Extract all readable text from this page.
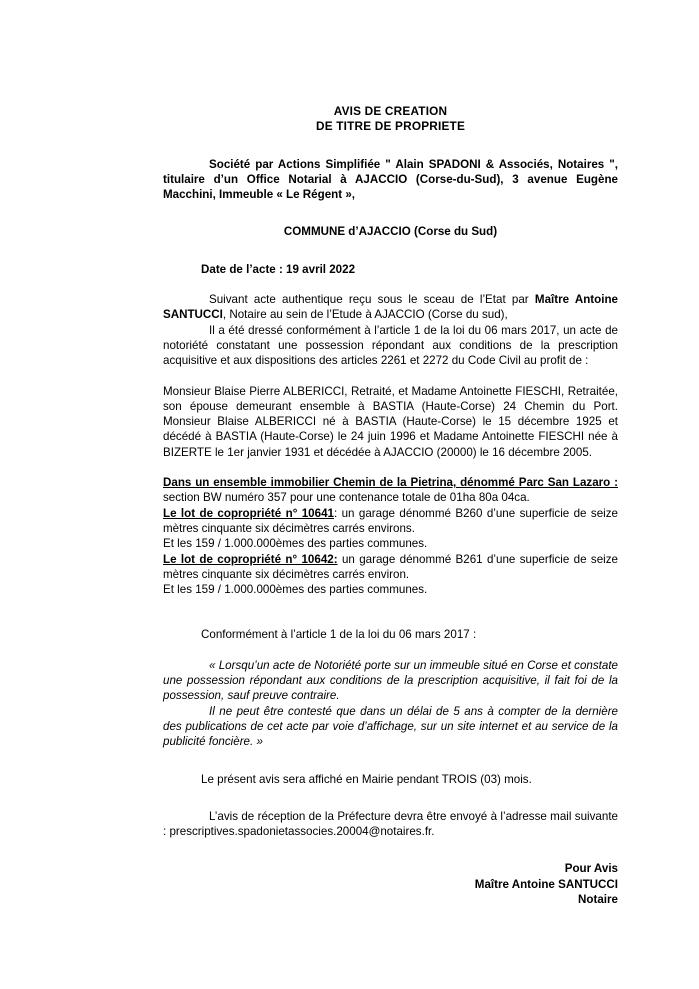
AVIS DE CREATION
DE TITRE DE PROPRIETE

Société par Actions Simplifiée " Alain SPADONI & Associés, Notaires ", titulaire d’un Office Notarial à AJACCIO (Corse-du-Sud), 3 avenue Eugène Macchini, Immeuble « Le Régent »,

COMMUNE d’AJACCIO (Corse du Sud)

Date de l’acte : 19 avril 2022

Suivant acte authentique reçu sous le sceau de l’Etat par Maître Antoine SANTUCCI, Notaire au sein de l’Etude à AJACCIO (Corse du sud),

Il a été dressé conformément à l’article 1 de la loi du 06 mars 2017, un acte de notoriété constatant une possession répondant aux conditions de la prescription acquisitive et aux dispositions des articles 2261 et 2272 du Code Civil au profit de :

Monsieur Blaise Pierre ALBERICCI, Retraité, et Madame Antoinette FIESCHI, Retraitée, son épouse demeurant ensemble à BASTIA (Haute-Corse) 24 Chemin du Port. Monsieur Blaise ALBERICCI né à BASTIA (Haute-Corse) le 15 décembre 1925 et décédé à BASTIA (Haute-Corse) le 24 juin 1996 et Madame Antoinette FIESCHI née à BIZERTE le 1er janvier 1931 et décédée à AJACCIO (20000) le 16 décembre 2005.

Dans un ensemble immobilier Chemin de la Pietrina, dénommé Parc San Lazaro : section BW numéro 357 pour une contenance totale de 01ha 80a 04ca.

Le lot de copropriété n° 10641: un garage dénommé B260 d’une superficie de seize mètres cinquante six décimètres carrés environs.

Et les 159 / 1.000.000èmes des parties communes.

Le lot de copropriété n° 10642: un garage dénommé B261 d’une superficie de seize mètres cinquante six décimètres carrés environ.

Et les 159 / 1.000.000èmes des parties communes.

Conformément à l’article 1 de la loi du 06 mars 2017 :

« Lorsqu’un acte de Notoriété porte sur un immeuble situé en Corse et constate une possession répondant aux conditions de la prescription acquisitive, il fait foi de la possession, sauf preuve contraire.

Il ne peut être contesté que dans un délai de 5 ans à compter de la dernière des publications de cet acte par voie d’affichage, sur un site internet et au service de la publicité foncière. »

Le présent avis sera affiché en Mairie pendant TROIS (03) mois.

L’avis de réception de la Préfecture devra être envoyé à l’adresse mail suivante : prescriptives.spadonietassocies.20004@notaires.fr.

Pour Avis
Maître Antoine SANTUCCI
Notaire
